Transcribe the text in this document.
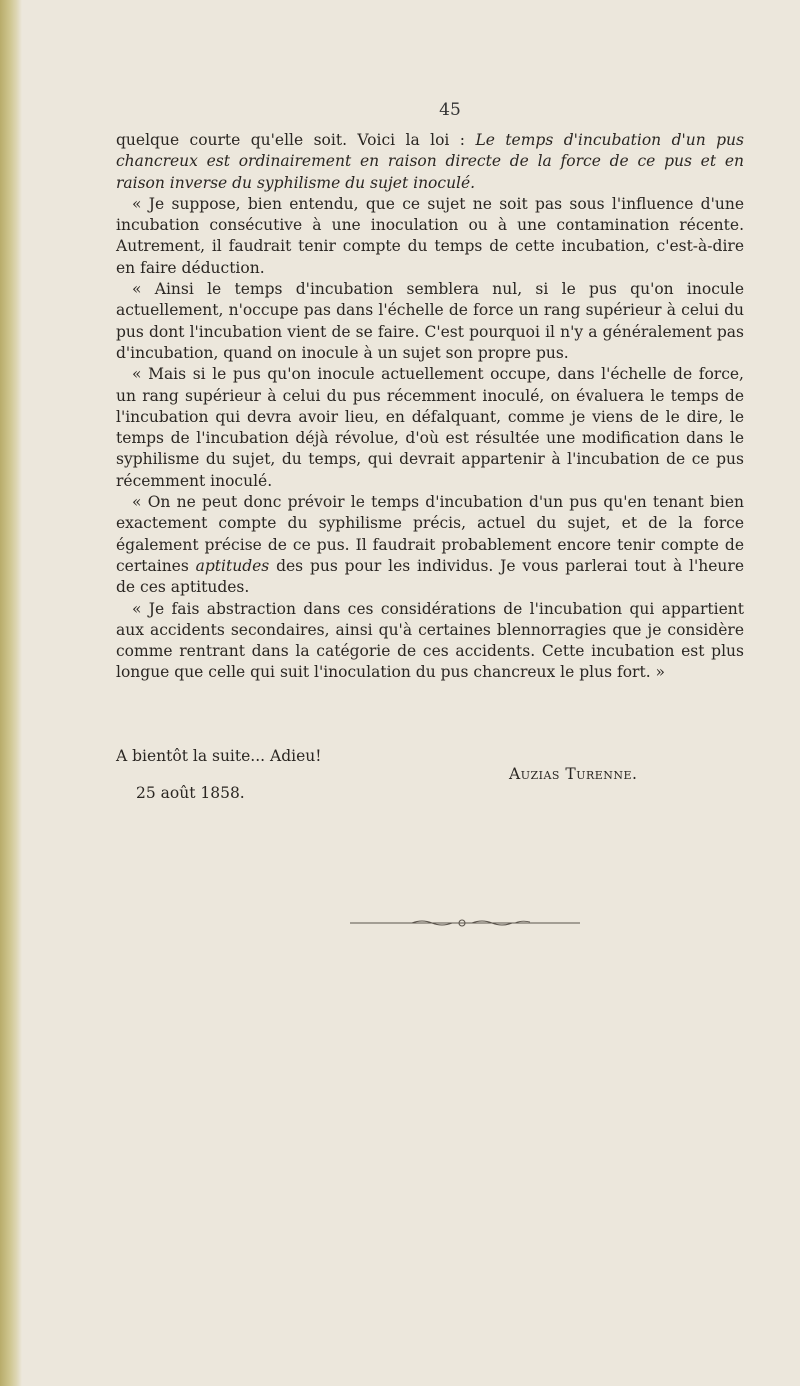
45

quelque courte qu'elle soit. Voici la loi : Le temps d'incubation d'un pus chancreux est ordinairement en raison directe de la force de ce pus et en raison inverse du syphilisme du sujet inoculé.

« Je suppose, bien entendu, que ce sujet ne soit pas sous l'influence d'une incubation consécutive à une inoculation ou à une contamination récente. Autrement, il faudrait tenir compte du temps de cette incubation, c'est-à-dire en faire déduction.

« Ainsi le temps d'incubation semblera nul, si le pus qu'on inocule actuellement, n'occupe pas dans l'échelle de force un rang supérieur à celui du pus dont l'incubation vient de se faire. C'est pourquoi il n'y a généralement pas d'incubation, quand on inocule à un sujet son propre pus.

« Mais si le pus qu'on inocule actuellement occupe, dans l'échelle de force, un rang supérieur à celui du pus récemment inoculé, on évaluera le temps de l'incubation qui devra avoir lieu, en défalquant, comme je viens de le dire, le temps de l'incubation déjà révolue, d'où est résultée une modification dans le syphilisme du sujet, du temps, qui devrait appartenir à l'incubation de ce pus récemment inoculé.

« On ne peut donc prévoir le temps d'incubation d'un pus qu'en tenant bien exactement compte du syphilisme précis, actuel du sujet, et de la force également précise de ce pus. Il faudrait probablement encore tenir compte de certaines aptitudes des pus pour les individus. Je vous parlerai tout à l'heure de ces aptitudes.

« Je fais abstraction dans ces considérations de l'incubation qui appartient aux accidents secondaires, ainsi qu'à certaines blennorragies que je considère comme rentrant dans la catégorie de ces accidents. Cette incubation est plus longue que celle qui suit l'inoculation du pus chancreux le plus fort. »

A bientôt la suite... Adieu!
Auzias Turenne.
25 août 1858.
